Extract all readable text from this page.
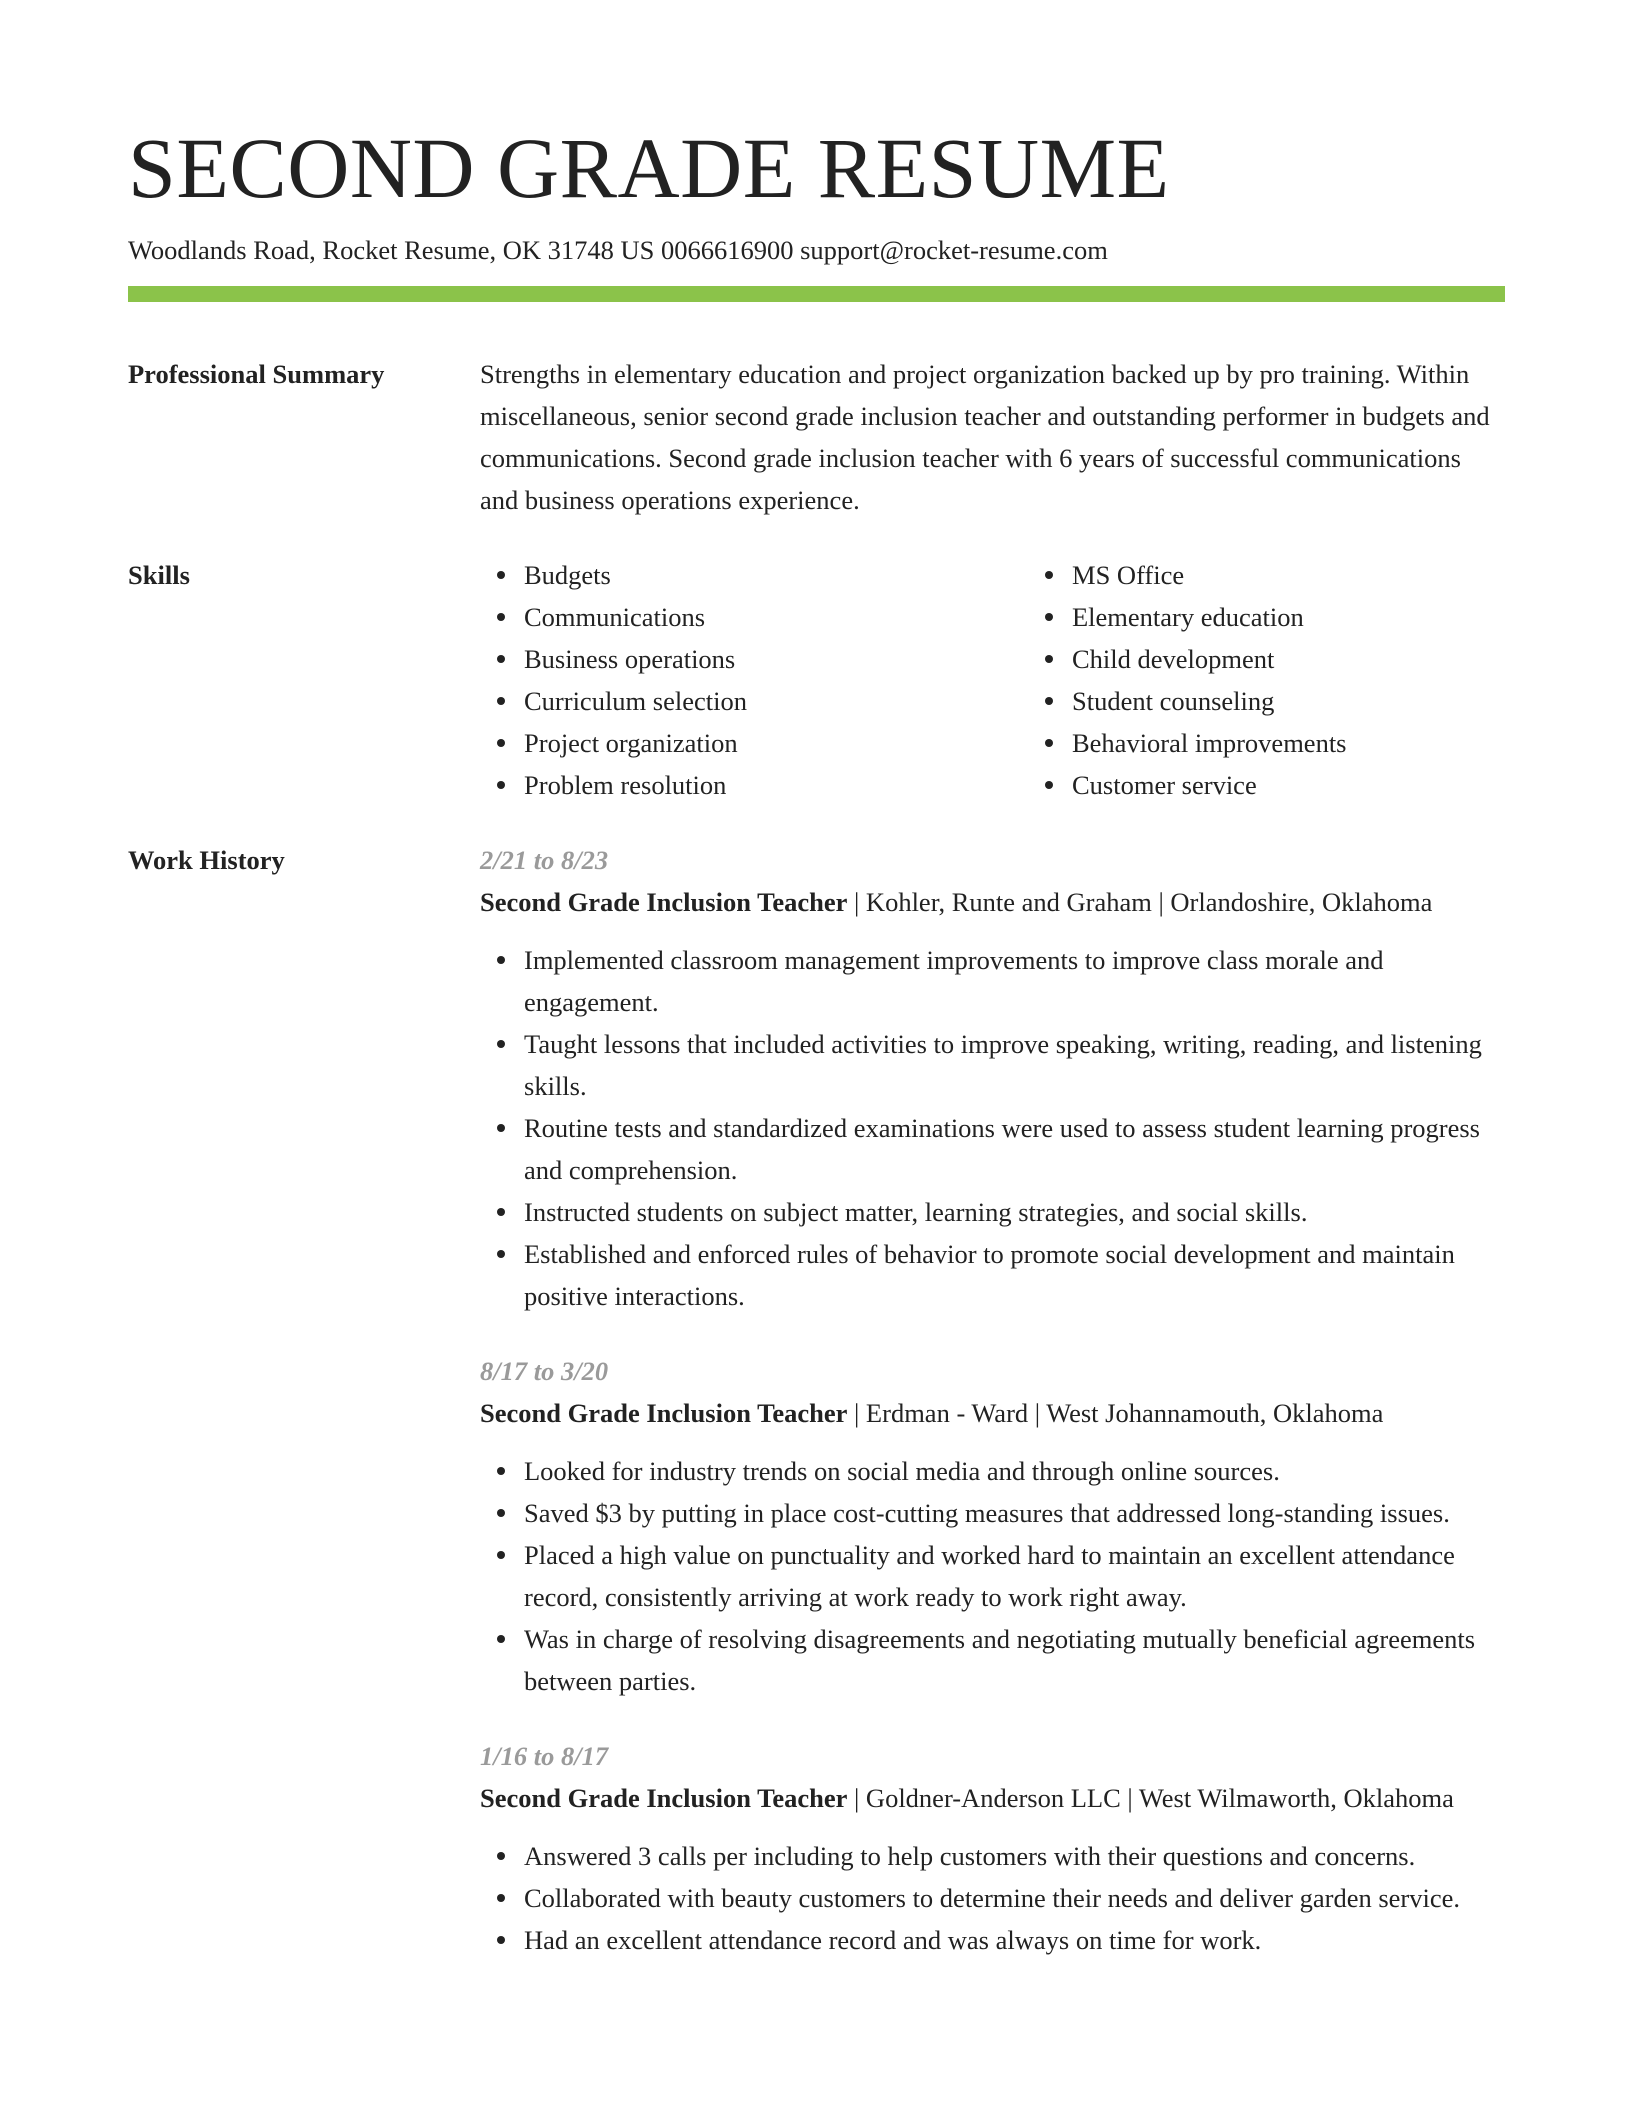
SECOND GRADE RESUME
Woodlands Road, Rocket Resume, OK 31748 US 0066616900 support@rocket-resume.com
Professional Summary	Strengths in elementary education and project organization backed up by pro training. Within miscellaneous, senior second grade inclusion teacher and outstanding performer in budgets and communications. Second grade inclusion teacher with 6 years of successful communications and business operations experience.
Skills	Budgets
Communications
Business operations
Curriculum selection
Project organization
Problem resolution
MS Office
Elementary education
Child development
Student counseling
Behavioral improvements
Customer service
Work History	2/21 to 8/23
Second Grade Inclusion Teacher | Kohler, Runte and Graham | Orlandoshire, Oklahoma
Implemented classroom management improvements to improve class morale and engagement.
Taught lessons that included activities to improve speaking, writing, reading, and listening skills.
Routine tests and standardized examinations were used to assess student learning progress and comprehension.
Instructed students on subject matter, learning strategies, and social skills.
Established and enforced rules of behavior to promote social development and maintain positive interactions.
8/17 to 3/20
Second Grade Inclusion Teacher | Erdman - Ward | West Johannamouth, Oklahoma
Looked for industry trends on social media and through online sources.
Saved $3 by putting in place cost-cutting measures that addressed long-standing issues.
Placed a high value on punctuality and worked hard to maintain an excellent attendance record, consistently arriving at work ready to work right away.
Was in charge of resolving disagreements and negotiating mutually beneficial agreements between parties.
1/16 to 8/17
Second Grade Inclusion Teacher | Goldner-Anderson LLC | West Wilmaworth, Oklahoma
Answered 3 calls per including to help customers with their questions and concerns.
Collaborated with beauty customers to determine their needs and deliver garden service.
Had an excellent attendance record and was always on time for work.
